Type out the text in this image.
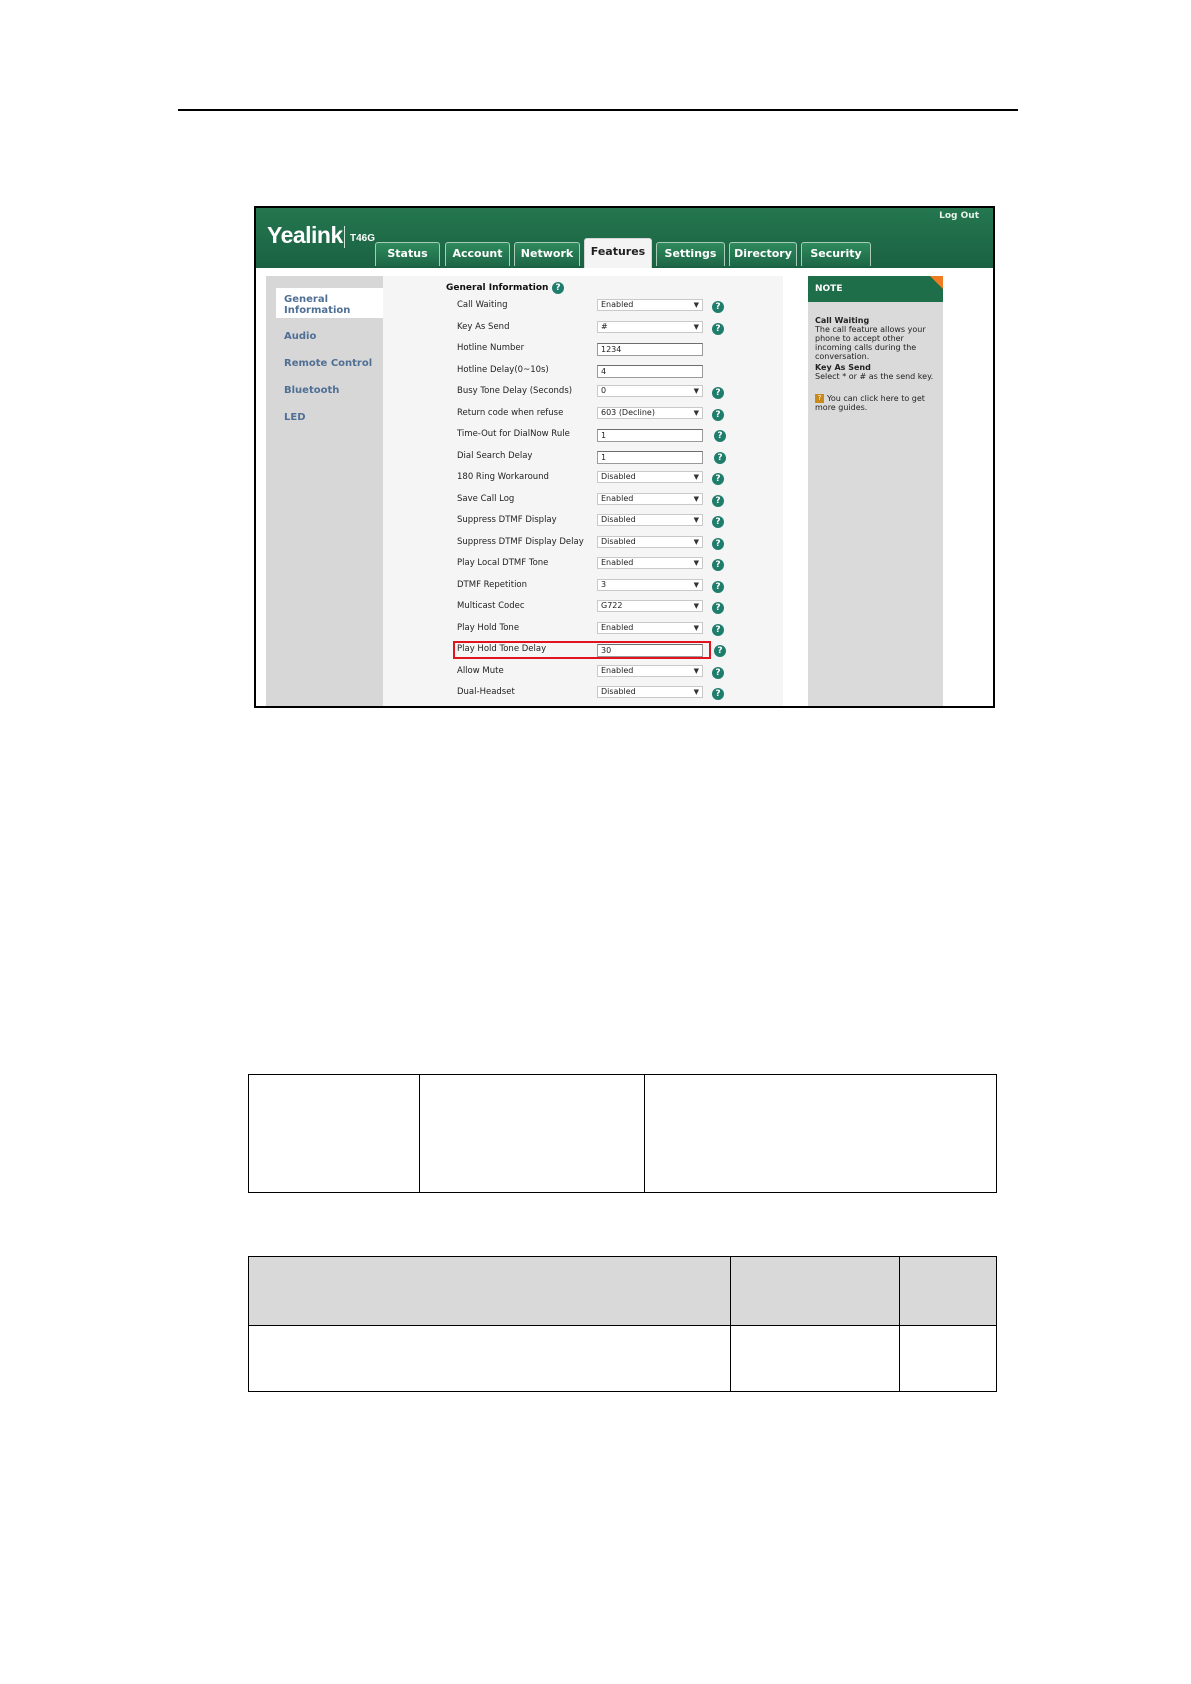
Yealink T46G
Log Out
Status	Account	Network	Features	Settings	Directory	Security
General Information
Audio
Remote Control
Bluetooth
LED
General Information ?	NOTE
Call Waiting
The call feature allows your phone to accept other incoming calls during the conversation.
Key As Send
Select * or # as the send key.
? You can click here to get more guides.
Call Waiting	Enabled	▼	?
Key As Send	#	▼	?
Hotline Number	1234
Hotline Delay(0~10s)	4
Busy Tone Delay (Seconds)	0	▼	?
Return code when refuse	603 (Decline)	▼	?
Time-Out for DialNow Rule	1	?
Dial Search Delay	1	?
180 Ring Workaround	Disabled	▼	?
Save Call Log	Enabled	▼	?
Suppress DTMF Display	Disabled	▼	?
Suppress DTMF Display Delay	Disabled	▼	?
Play Local DTMF Tone	Enabled	▼	?
DTMF Repetition	3	▼	?
Multicast Codec	G722	▼	?
Play Hold Tone	Enabled	▼	?
Play Hold Tone Delay	30	?
Allow Mute	Enabled	▼	?
Dual-Headset	Disabled	▼	?
